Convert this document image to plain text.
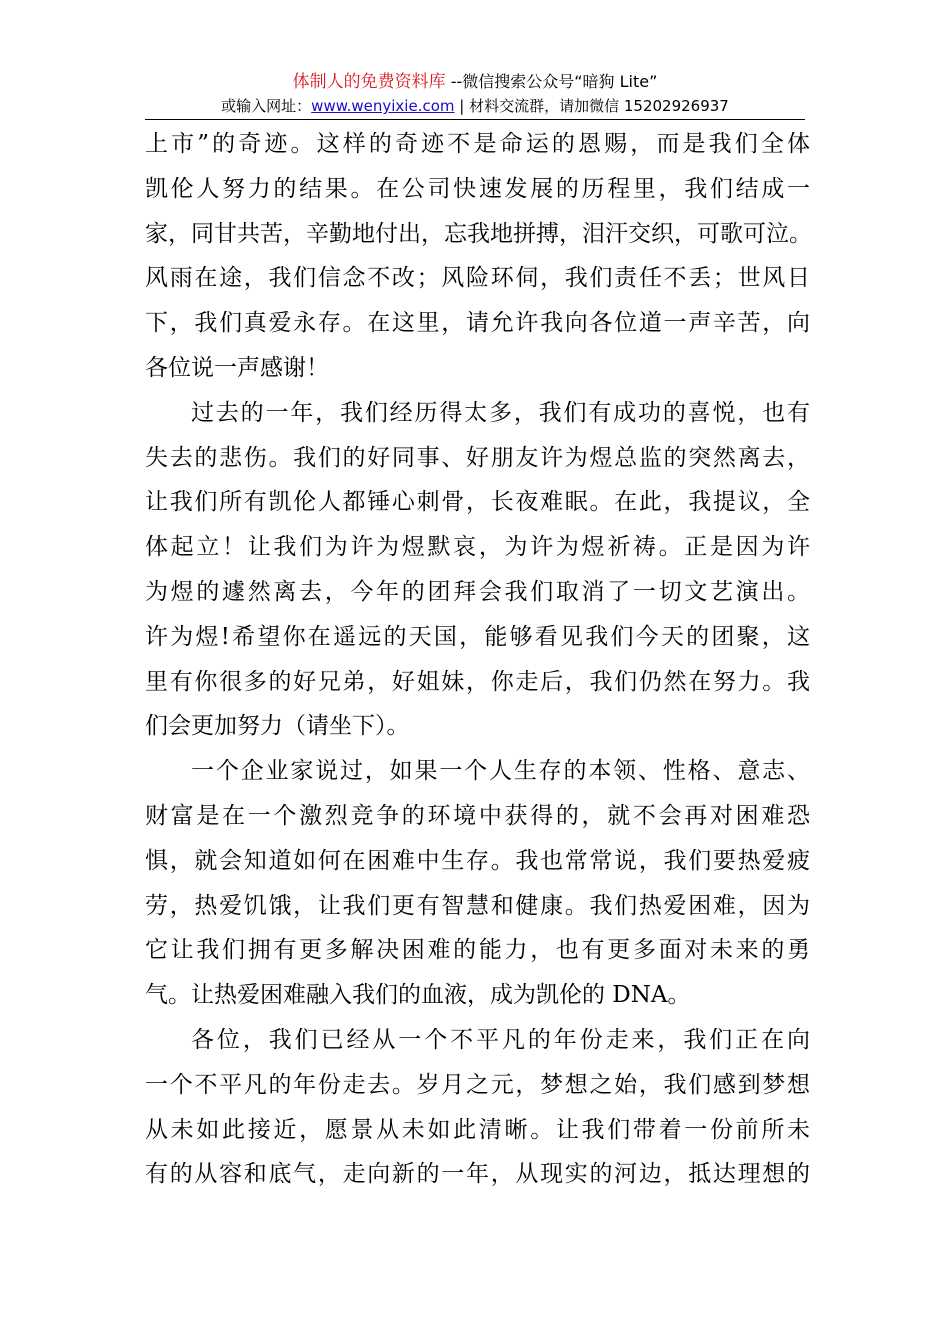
体制人的免费资料库 --微信搜索公众号“暗狗 Lite”
或输入网址：www.wenyixie.com | 材料交流群，请加微信 15202926937
上市”的奇迹。这样的奇迹不是命运的恩赐，而是我们全体
凯伦人努力的结果。在公司快速发展的历程里，我们结成一
家，同甘共苦，辛勤地付出，忘我地拼搏，泪汗交织，可歌可泣。
风雨在途，我们信念不改；风险环伺，我们责任不丢；世风日
下，我们真爱永存。在这里，请允许我向各位道一声辛苦，向
各位说一声感谢！
过去的一年，我们经历得太多，我们有成功的喜悦，也有
失去的悲伤。我们的好同事、好朋友许为煜总监的突然离去，
让我们所有凯伦人都锤心刺骨，长夜难眠。在此，我提议，全
体起立！让我们为许为煜默哀，为许为煜祈祷。正是因为许
为煜的遽然离去，今年的团拜会我们取消了一切文艺演出。
许为煜!希望你在遥远的天国，能够看见我们今天的团聚，这
里有你很多的好兄弟，好姐妹，你走后，我们仍然在努力。我
们会更加努力（请坐下）。
一个企业家说过，如果一个人生存的本领、性格、意志、
财富是在一个激烈竞争的环境中获得的，就不会再对困难恐
惧，就会知道如何在困难中生存。我也常常说，我们要热爱疲
劳，热爱饥饿，让我们更有智慧和健康。我们热爱困难，因为
它让我们拥有更多解决困难的能力，也有更多面对未来的勇
气。让热爱困难融入我们的血液，成为凯伦的 DNA。
各位，我们已经从一个不平凡的年份走来，我们正在向
一个不平凡的年份走去。岁月之元，梦想之始，我们感到梦想
从未如此接近，愿景从未如此清晰。让我们带着一份前所未
有的从容和底气，走向新的一年，从现实的河边，抵达理想的
